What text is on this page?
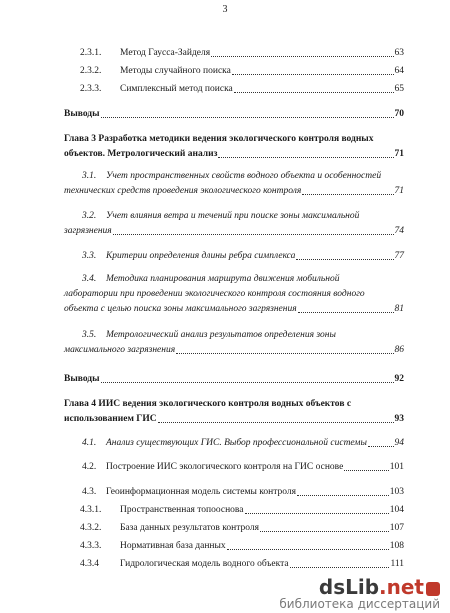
3
2.3.1.	Метод Гаусса-Зайделя	63
2.3.2.	Методы случайного поиска	64
2.3.3.	Симплексный метод поиска	65
Выводы	70
Глава 3 Разработка методики ведения экологического контроля водных
объектов. Метрологический анализ	71
3.1. Учет пространственных свойств водного объекта и особенностей
технических средств проведения экологического контроля	71
3.2. Учет влияния ветра и течений при поиске зоны максимальной
загрязнения	74
3.3.	Критерии определения длины ребра симплекса	77
3.4. Методика планирования маршрута движения мобильной
лаборатории при проведении экологического контроля состояния водного
объекта с целью поиска зоны максимального загрязнения	81
3.5. Метрологический анализ результатов определения зоны
максимального загрязнения	86
Выводы	92
Глава 4 ИИС ведения экологического контроля водных объектов с
использованием ГИС	93
4.1.	Анализ существующих ГИС. Выбор профессиональной системы	94
4.2.	Построение ИИС экологического контроля на ГИС основе	101
4.3.	Геоинформационная модель системы контроля	103
4.3.1.	Пространственная топооснова	104
4.3.2.	База данных результатов контроля	107
4.3.3.	Нормативная база данных	108
4.3.4	Гидрологическая модель водного объекта	111
dsLib.net
библиотека диссертаций
